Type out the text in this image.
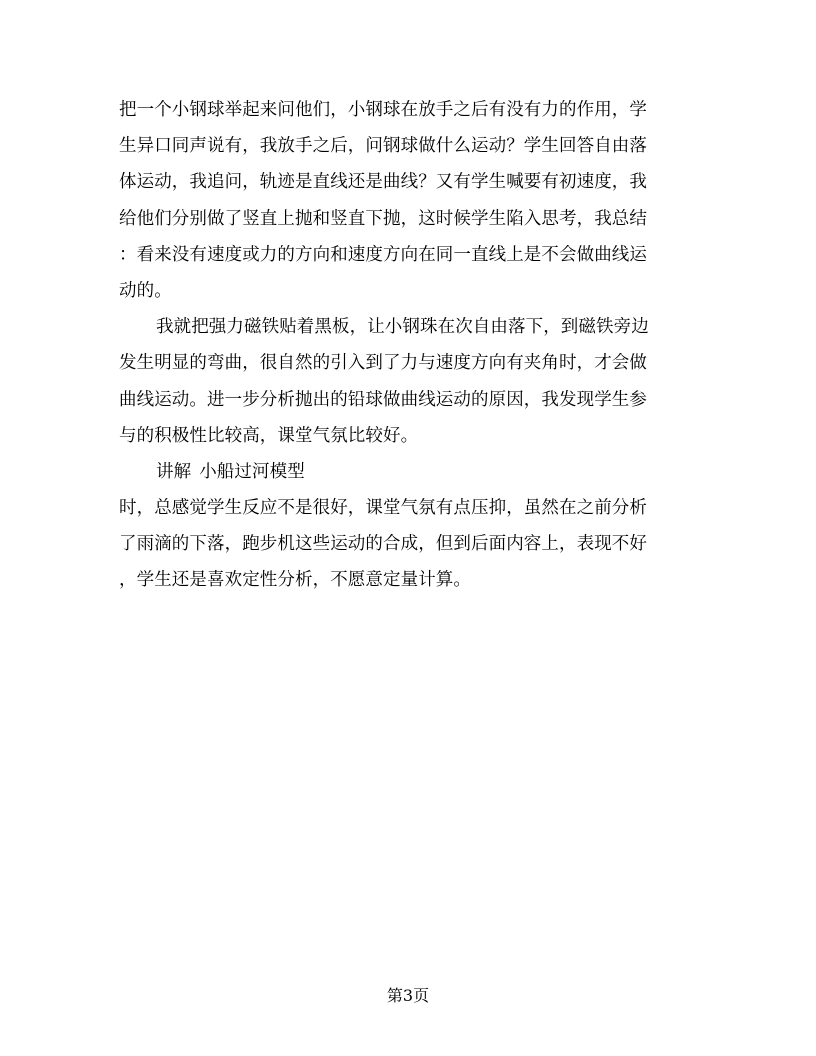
把一个小钢球举起来问他们，小钢球在放手之后有没有力的作用，学
生异口同声说有，我放手之后，问钢球做什么运动？学生回答自由落
体运动，我追问，轨迹是直线还是曲线？又有学生喊要有初速度，我
给他们分别做了竖直上抛和竖直下抛，这时候学生陷入思考，我总结
：看来没有速度或力的方向和速度方向在同一直线上是不会做曲线运
动的。
我就把强力磁铁贴着黑板，让小钢珠在次自由落下，到磁铁旁边
发生明显的弯曲，很自然的引入到了力与速度方向有夹角时，才会做
曲线运动。进一步分析抛出的铅球做曲线运动的原因，我发现学生参
与的积极性比较高，课堂气氛比较好。
讲解 小船过河模型
时，总感觉学生反应不是很好，课堂气氛有点压抑，虽然在之前分析
了雨滴的下落，跑步机这些运动的合成，但到后面内容上，表现不好
，学生还是喜欢定性分析，不愿意定量计算。
第3页
